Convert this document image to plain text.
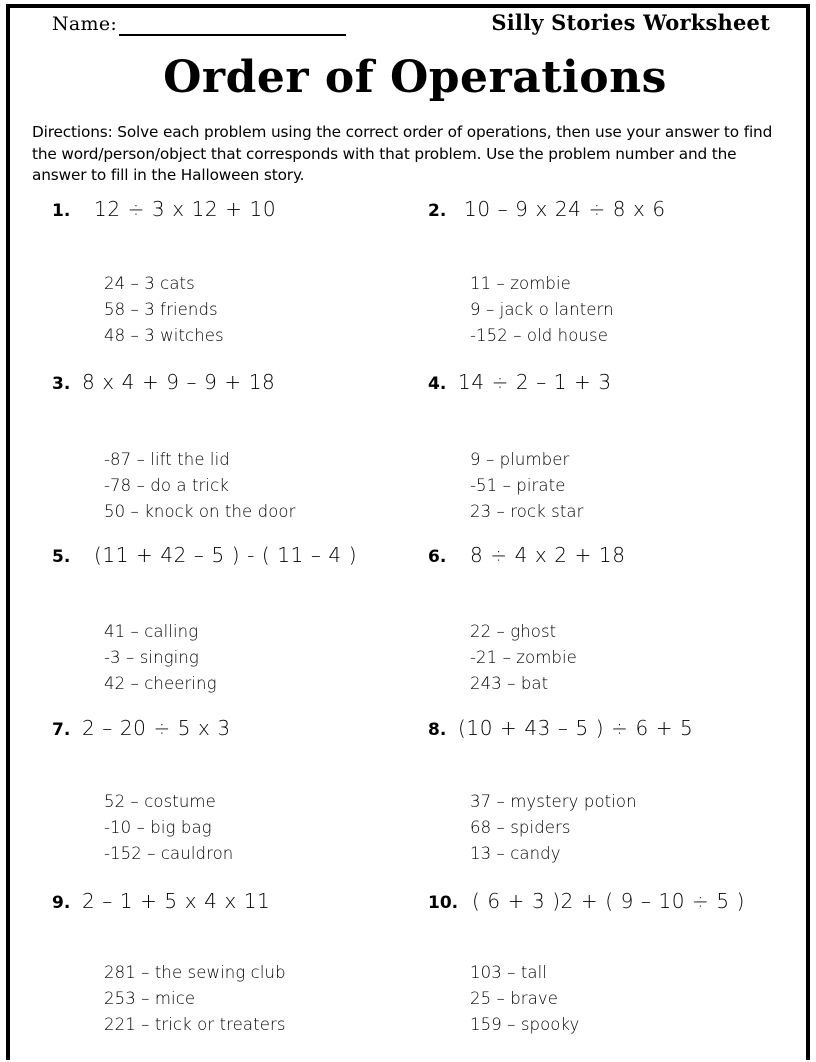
Name:	Silly Stories Worksheet
Order of Operations
Directions: Solve each problem using the correct order of operations, then use your answer to find the word/person/object that corresponds with that problem. Use the problem number and the answer to fill in the Halloween story.
1.	12 ÷ 3 x 12 + 10
24 – 3 cats
58 – 3 friends
48 – 3 witches
2. 10 – 9 x 24 ÷ 8 x 6
11 – zombie
9 – jack o lantern
-152 – old house
3. 8 x 4 + 9 – 9 + 18
-87 – lift the lid
-78 – do a trick
50 – knock on the door
4. 14 ÷ 2 – 1 + 3
9 – plumber
-51 – pirate
23 – rock star
5.	(11 + 42 – 5 ) - ( 11 – 4 )
41 – calling
-3 – singing
42 – cheering
6.	8 ÷ 4 x 2 + 18
22 – ghost
-21 – zombie
243 – bat
7. 2 – 20 ÷ 5 x 3
52 – costume
-10 – big bag
-152 – cauldron
8. (10 + 43 – 5 ) ÷ 6 + 5
37 – mystery potion
68 – spiders
13 – candy
9. 2 – 1 + 5 x 4 x 11
281 – the sewing club
253 – mice
221 – trick or treaters
10. ( 6 + 3 )2 + ( 9 – 10 ÷ 5 )
103 – tall
25 – brave
159 – spooky
